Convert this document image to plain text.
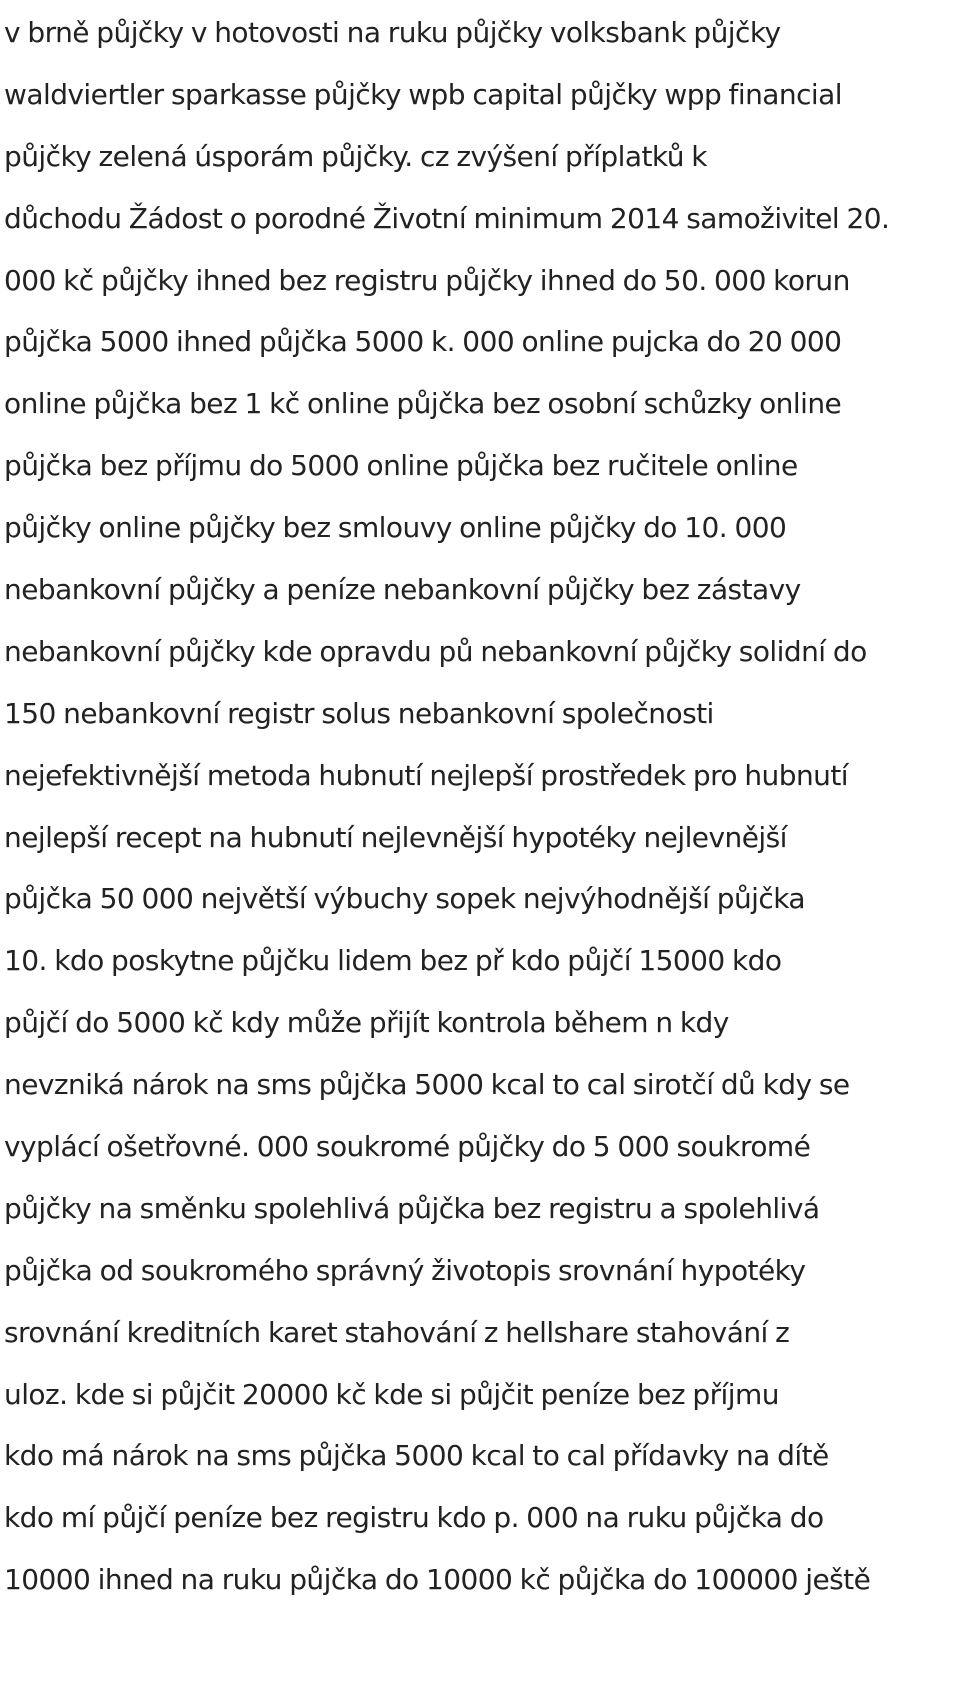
v brně půjčky v hotovosti na ruku půjčky volksbank půjčky
waldviertler sparkasse půjčky wpb capital půjčky wpp financial
půjčky zelená úsporám půjčky. cz zvýšení příplatků k
důchodu Žádost o porodné Životní minimum 2014 samoživitel 20.
000 kč půjčky ihned bez registru půjčky ihned do 50. 000 korun
půjčka 5000 ihned půjčka 5000 k. 000 online pujcka do 20 000
online půjčka bez 1 kč online půjčka bez osobní schůzky online
půjčka bez příjmu do 5000 online půjčka bez ručitele online
půjčky online půjčky bez smlouvy online půjčky do 10. 000
nebankovní půjčky a peníze nebankovní půjčky bez zástavy
nebankovní půjčky kde opravdu pů nebankovní půjčky solidní do
150 nebankovní registr solus nebankovní společnosti
nejefektivnější metoda hubnutí nejlepší prostředek pro hubnutí
nejlepší recept na hubnutí nejlevnější hypotéky nejlevnější
půjčka 50 000 největší výbuchy sopek nejvýhodnější půjčka
10. kdo poskytne půjčku lidem bez př kdo půjčí 15000 kdo
půjčí do 5000 kč kdy může přijít kontrola během n kdy
nevzniká nárok na sms půjčka 5000 kcal to cal sirotčí dů kdy se
vyplácí ošetřovné. 000 soukromé půjčky do 5 000 soukromé
půjčky na směnku spolehlivá půjčka bez registru a spolehlivá
půjčka od soukromého správný životopis srovnání hypotéky
srovnání kreditních karet stahování z hellshare stahování z
uloz. kde si půjčit 20000 kč kde si půjčit peníze bez příjmu
kdo má nárok na sms půjčka 5000 kcal to cal přídavky na dítě
kdo mí půjčí peníze bez registru kdo p. 000 na ruku půjčka do
10000 ihned na ruku půjčka do 10000 kč půjčka do 100000 ještě
